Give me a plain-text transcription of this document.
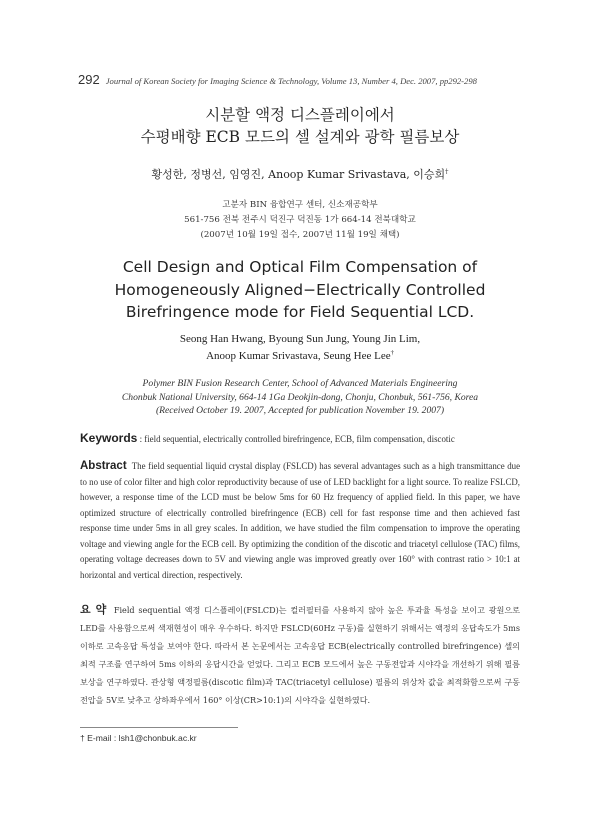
292 Journal of Korean Society for Imaging Science & Technology, Volume 13, Number 4, Dec. 2007, pp292-298
시분할 액정 디스플레이에서
수평배향 ECB 모드의 셀 설계와 광학 필름보상
황성한, 정병선, 임영진, Anoop Kumar Srivastava, 이승희†
고분자 BIN 융합연구 센터, 신소재공학부
561-756 전북 전주시 덕진구 덕진동 1가 664-14 전북대학교
(2007년 10월 19일 접수, 2007년 11월 19일 채택)
Cell Design and Optical Film Compensation of
Homogeneously Aligned−Electrically Controlled
Birefringence mode for Field Sequential LCD.
Seong Han Hwang, Byoung Sun Jung, Young Jin Lim,
Anoop Kumar Srivastava, Seung Hee Lee†
Polymer BIN Fusion Research Center, School of Advanced Materials Engineering
Chonbuk National University, 664-14 1Ga Deokjin-dong, Chonju, Chonbuk, 561-756, Korea
(Received October 19. 2007, Accepted for publication November 19. 2007)
Keywords : field sequential, electrically controlled birefringence, ECB, film compensation, discotic
Abstract The field sequential liquid crystal display (FSLCD) has several advantages such as a high transmittance due to no use of color filter and high color reproductivity because of use of LED backlight for a light source. To realize FSLCD, however, a response time of the LCD must be below 5ms for 60 Hz frequency of applied field. In this paper, we have optimized structure of electrically controlled birefringence (ECB) cell for fast response time and then achieved fast response time under 5ms in all grey scales. In addition, we have studied the film compensation to improve the operating voltage and viewing angle for the ECB cell. By optimizing the condition of the discotic and triacetyl cellulose (TAC) films, operating voltage decreases down to 5V and viewing angle was improved greatly over 160° with contrast ratio > 10:1 at horizontal and vertical direction, respectively.
요 약 Field sequential 액정 디스플레이(FSLCD)는 컬러필터를 사용하지 않아 높은 투과율 특성을 보이고 광원으로 LED를 사용함으로써 색재현성이 매우 우수하다. 하지만 FSLCD(60Hz 구동)를 실현하기 위해서는 액정의 응답속도가 5ms이하로 고속응답 특성을 보여야 한다. 따라서 본 논문에서는 고속응답 ECB(electrically controlled birefringence) 셀의 최적 구조를 연구하여 5ms 이하의 응답시간을 얻었다. 그리고 ECB 모드에서 높은 구동전압과 시야각을 개선하기 위해 필름 보상을 연구하였다. 관상형 액정필름(discotic film)과 TAC(triacetyl cellulose) 필름의 위상차 값을 최적화함으로써 구동전압을 5V로 낮추고 상하좌우에서 160° 이상(CR>10:1)의 시야각을 실현하였다.
† E-mail : lsh1@chonbuk.ac.kr
